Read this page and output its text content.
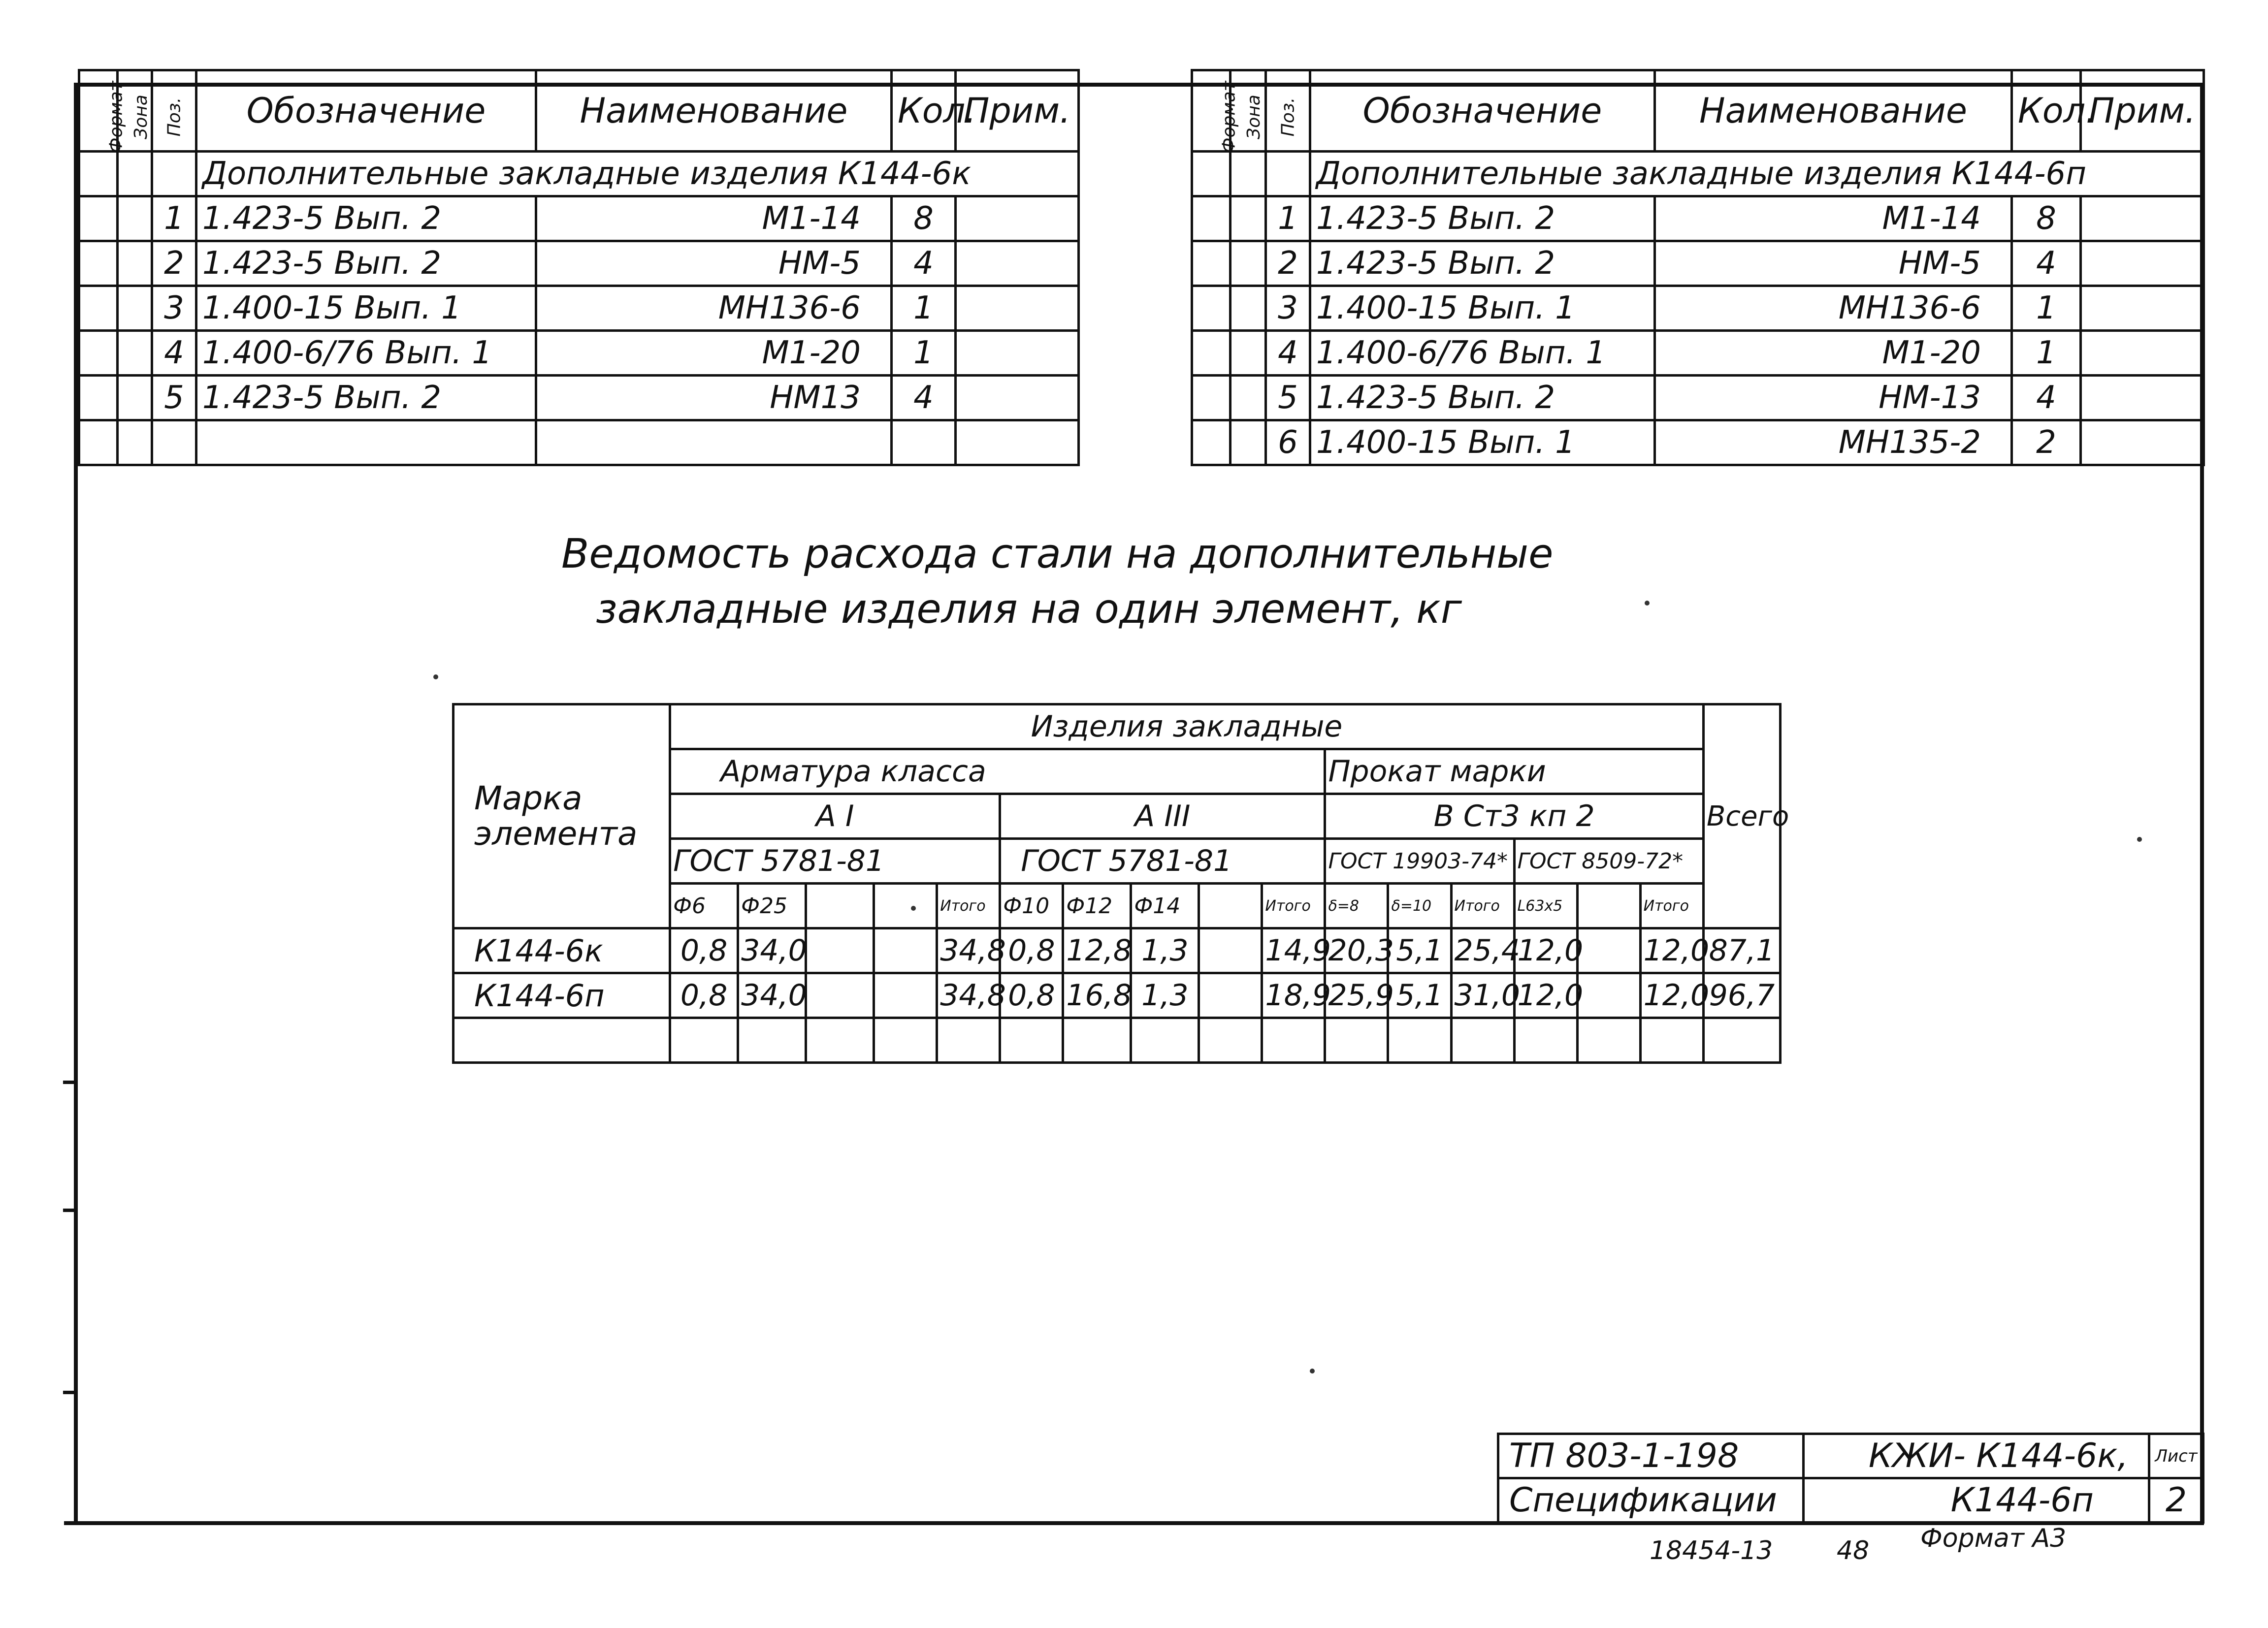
Формат	Зона	Поз.	Обозначение	Наименование	Кол.	Прим.
			Дополнительные закладные изделия К144-6к			
		1	1.423-5 Вып. 2	М1-14	8	
		2	1.423-5 Вып. 2	НМ-5	4	
		3	1.400-15 Вып. 1	МН136-6	1	
		4	1.400-6/76 Вып. 1	М1-20	1	
		5	1.423-5 Вып. 2	НМ13	4	

Формат	Зона	Поз.	Обозначение	Наименование	Кол.	Прим.
			Дополнительные закладные изделия К144-6п			
		1	1.423-5 Вып. 2	М1-14	8	
		2	1.423-5 Вып. 2	НМ-5	4	
		3	1.400-15 Вып. 1	МН136-6	1	
		4	1.400-6/76 Вып. 1	М1-20	1	
		5	1.423-5 Вып. 2	НМ-13	4	
		6	1.400-15 Вып. 1	МН135-2	2	
Ведомость расхода стали на дополнительные
закладные изделия на один элемент, кг
Марка элемента	Изделия закладные																Всего
	Арматура класса										Прокат марки						
	А I					А III					В Ст3 кп 2						
	ГОСТ 5781-81					ГОСТ 5781-81					ГОСТ 19903-74*			ГОСТ 8509-72*			
	Ф6	Ф25			Итого	Ф10	Ф12	Ф14		Итого	δ=8	δ=10	Итого	L63x5		Итого	
К144-6к	0,8	34,0			34,8	0,8	12,8	1,3		14,9	20,3	5,1	25,4	12,0		12,0	87,1
К144-6п	0,8	34,0			34,8	0,8	16,8	1,3		18,9	25,9	5,1	31,0	12,0		12,0	96,7

ТП 803-1-198	КЖИ- К144-6к,	Лист
Спецификации	К144-6п	2
18454-13 48 Формат А3
